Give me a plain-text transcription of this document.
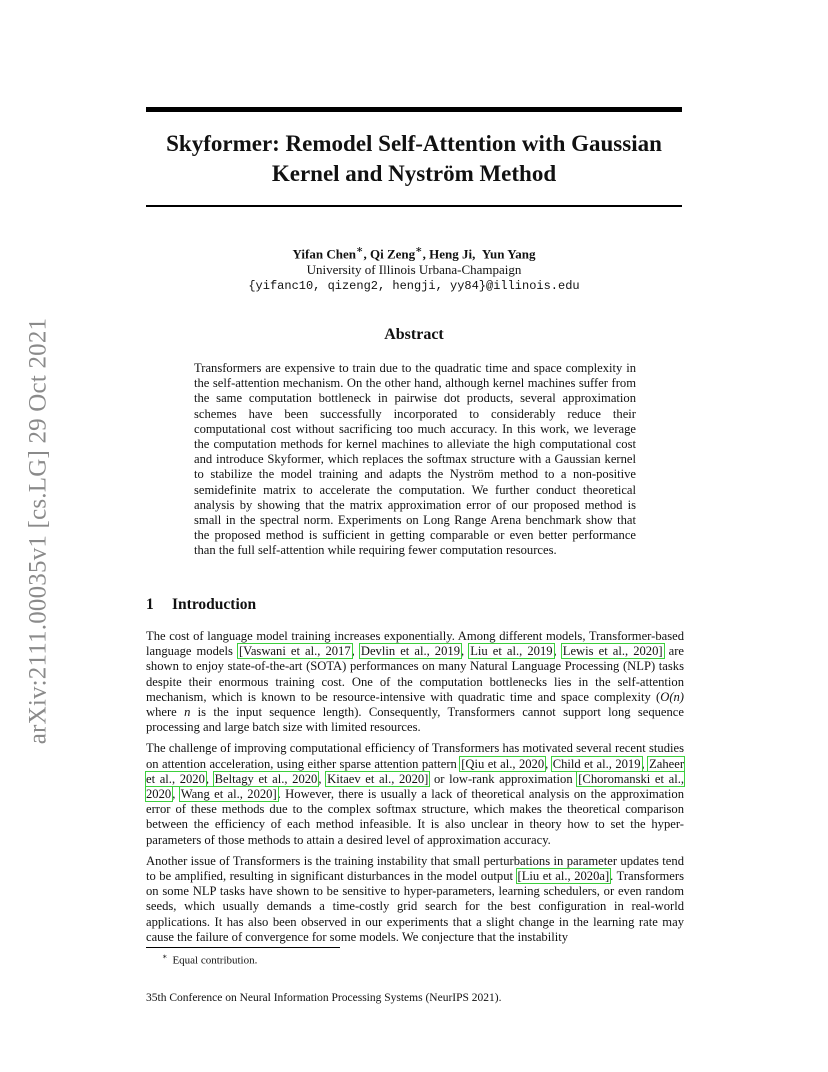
arXiv:2111.00035v1 [cs.LG] 29 Oct 2021
Skyformer: Remodel Self-Attention with Gaussian
Kernel and Nyström Method
Yifan Chen∗, Qi Zeng∗, Heng Ji,  Yun Yang
University of Illinois Urbana-Champaign
{yifanc10, qizeng2, hengji, yy84}@illinois.edu
Abstract
Transformers are expensive to train due to the quadratic time and space complexity in the self-attention mechanism. On the other hand, although kernel machines suffer from the same computation bottleneck in pairwise dot products, several approximation schemes have been successfully incorporated to considerably reduce their computational cost without sacrificing too much accuracy. In this work, we leverage the computation methods for kernel machines to alleviate the high computational cost and introduce Skyformer, which replaces the softmax structure with a Gaussian kernel to stabilize the model training and adapts the Nyström method to a non-positive semidefinite matrix to accelerate the computation. We further conduct theoretical analysis by showing that the matrix approximation error of our proposed method is small in the spectral norm. Experiments on Long Range Arena benchmark show that the proposed method is sufficient in getting comparable or even better performance than the full self-attention while requiring fewer computation resources.
1 Introduction

The cost of language model training increases exponentially. Among different models, Transformer-based language models [Vaswani et al., 2017, Devlin et al., 2019, Liu et al., 2019, Lewis et al., 2020] are shown to enjoy state-of-the-art (SOTA) performances on many Natural Language Processing (NLP) tasks despite their enormous training cost. One of the computation bottlenecks lies in the self-attention mechanism, which is known to be resource-intensive with quadratic time and space complexity (O(n) where n is the input sequence length). Consequently, Transformers cannot support long sequence processing and large batch size with limited resources.

The challenge of improving computational efficiency of Transformers has motivated several recent studies on attention acceleration, using either sparse attention pattern [Qiu et al., 2020, Child et al., 2019, Zaheer et al., 2020, Beltagy et al., 2020, Kitaev et al., 2020] or low-rank approximation [Choromanski et al., 2020, Wang et al., 2020]. However, there is usually a lack of theoretical analysis on the approximation error of these methods due to the complex softmax structure, which makes the theoretical comparison between the efficiency of each method infeasible. It is also unclear in theory how to set the hyper-parameters of those methods to attain a desired level of approximation accuracy.

Another issue of Transformers is the training instability that small perturbations in parameter updates tend to be amplified, resulting in significant disturbances in the model output [Liu et al., 2020a]. Transformers on some NLP tasks have shown to be sensitive to hyper-parameters, learning schedulers, or even random seeds, which usually demands a time-costly grid search for the best configuration in real-world applications. It has also been observed in our experiments that a slight change in the learning rate may cause the failure of convergence for some models. We conjecture that the instability

∗ Equal contribution.
35th Conference on Neural Information Processing Systems (NeurIPS 2021).
